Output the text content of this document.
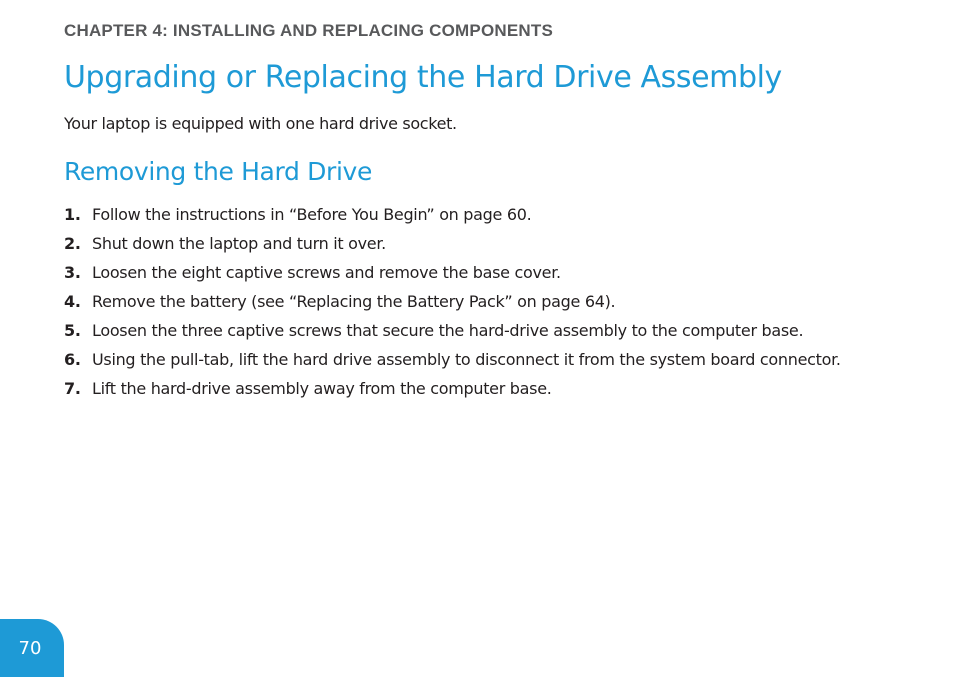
CHAPTER 4: INSTALLING AND REPLACING COMPONENTS
Upgrading or Replacing the Hard Drive Assembly

Your laptop is equipped with one hard drive socket.

Removing the Hard Drive
1. Follow the instructions in “Before You Begin” on page 60.
2. Shut down the laptop and turn it over.
3. Loosen the eight captive screws and remove the base cover.
4. Remove the battery (see “Replacing the Battery Pack” on page 64).
5. Loosen the three captive screws that secure the hard-drive assembly to the computer base.
6. Using the pull-tab, lift the hard drive assembly to disconnect it from the system board connector.
7. Lift the hard-drive assembly away from the computer base.
70
